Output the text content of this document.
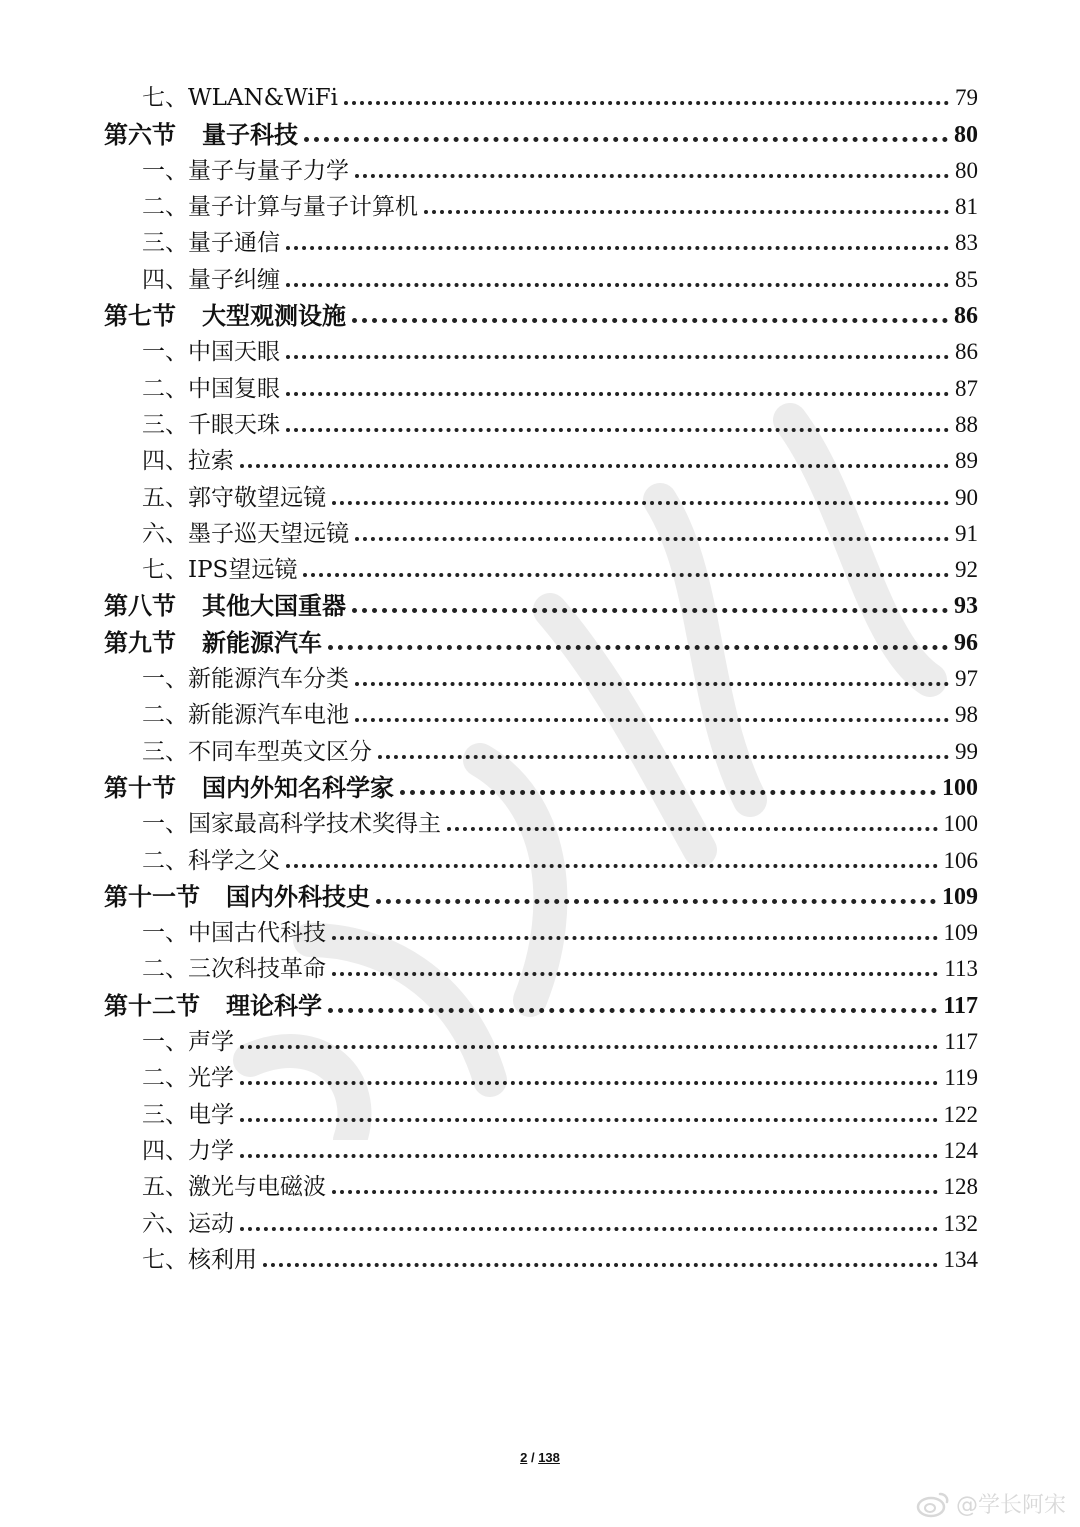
七、WLAN&WiFi	79
第六节 量子科技	80
一、量子与量子力学	80
二、量子计算与量子计算机	81
三、量子通信	83
四、量子纠缠	85
第七节 大型观测设施	86
一、中国天眼	86
二、中国复眼	87
三、千眼天珠	88
四、拉索	89
五、郭守敬望远镜	90
六、墨子巡天望远镜	91
七、IPS望远镜	92
第八节 其他大国重器	93
第九节 新能源汽车	96
一、新能源汽车分类	97
二、新能源汽车电池	98
三、不同车型英文区分	99
第十节 国内外知名科学家	100
一、国家最高科学技术奖得主	100
二、科学之父	106
第十一节 国内外科技史	109
一、中国古代科技	109
二、三次科技革命	113
第十二节 理论科学	117
一、声学	117
二、光学	119
三、电学	122
四、力学	124
五、激光与电磁波	128
六、运动	132
七、核利用	134
2 / 138
@学长阿宋
